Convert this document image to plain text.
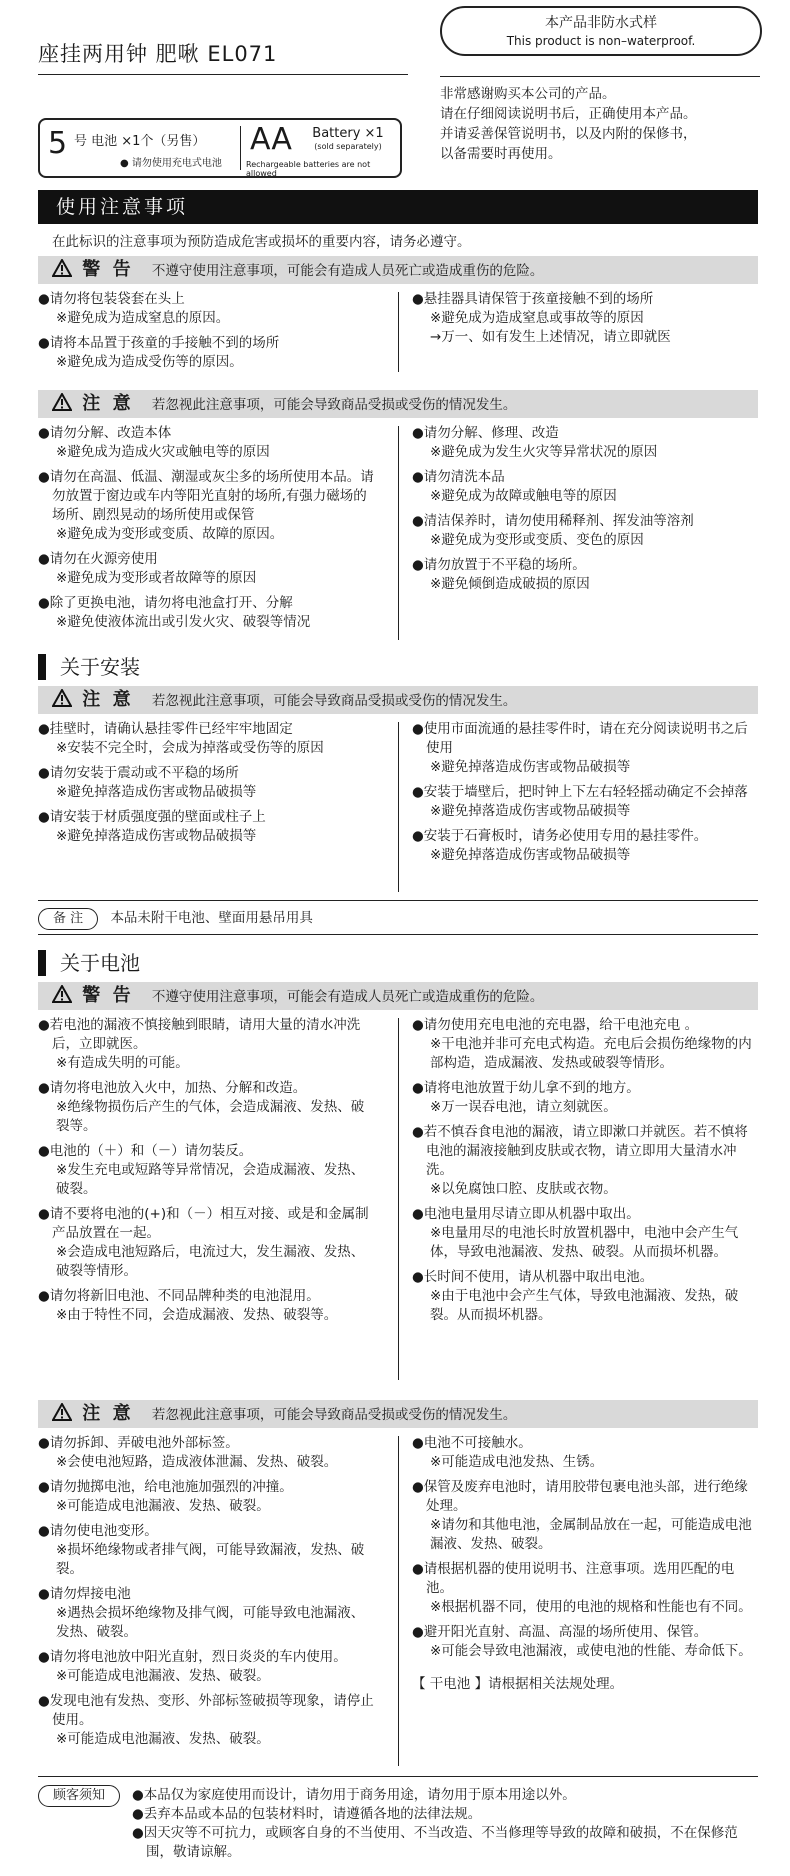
座挂两用钟 肥啾 EL071
本产品非防水式样
This product is non–waterproof.
非常感谢购买本公司的产品。
请在仔细阅读说明书后，正确使用本产品。
并请妥善保管说明书，以及内附的保修书，
以备需要时再使用。
5 号 电池 ×1个（另售）
● 请勿使用充电式电池
AA	Battery ×1
(sold separately)
Rechargeable batteries are not allowed
使用注意事项
在此标识的注意事项为预防造成危害或损坏的重要内容，请务必遵守。
警 告 不遵守使用注意事项，可能会有造成人员死亡或造成重伤的危险。
●请勿将包装袋套在头上
※避免成为造成窒息的原因。
●请将本品置于孩童的手接触不到的场所
※避免成为造成受伤等的原因。
●悬挂器具请保管于孩童接触不到的场所
※避免成为造成窒息或事故等的原因
→万一、如有发生上述情况，请立即就医
注 意 若忽视此注意事项，可能会导致商品受损或受伤的情况发生。
●请勿分解、改造本体
※避免成为造成火灾或触电等的原因
●请勿在高温、低温、潮湿或灰尘多的场所使用本品。请勿放置于窗边或车内等阳光直射的场所,有强力磁场的场所、剧烈晃动的场所使用或保管
※避免成为变形或变质、故障的原因。
●请勿在火源旁使用
※避免成为变形或者故障等的原因
●除了更换电池，请勿将电池盒打开、分解
※避免使液体流出或引发火灾、破裂等情况
●请勿分解、修理、改造
※避免成为发生火灾等异常状况的原因
●请勿清洗本品
※避免成为故障或触电等的原因
●清洁保养时，请勿使用稀释剂、挥发油等溶剂
※避免成为变形或变质、变色的原因
●请勿放置于不平稳的场所。
※避免倾倒造成破损的原因
关于安装
注 意 若忽视此注意事项，可能会导致商品受损或受伤的情况发生。
●挂壁时，请确认悬挂零件已经牢牢地固定
※安装不完全时，会成为掉落或受伤等的原因
●请勿安装于震动或不平稳的场所
※避免掉落造成伤害或物品破损等
●请安装于材质强度强的壁面或柱子上
※避免掉落造成伤害或物品破损等
●使用市面流通的悬挂零件时，请在充分阅读说明书之后使用
※避免掉落造成伤害或物品破损等
●安装于墙壁后，把时钟上下左右轻轻摇动确定不会掉落
※避免掉落造成伤害或物品破损等
●安装于石膏板时，请务必使用专用的悬挂零件。
※避免掉落造成伤害或物品破损等
备 注 本品未附干电池、壁面用悬吊用具
关于电池
警 告 不遵守使用注意事项，可能会有造成人员死亡或造成重伤的危险。
●若电池的漏液不慎接触到眼睛，请用大量的清水冲洗后，立即就医。
※有造成失明的可能。
●请勿将电池放入火中，加热、分解和改造。
※绝缘物损伤后产生的气体，会造成漏液、发热、破裂等。
●电池的（＋）和（－）请勿装反。
※发生充电或短路等异常情况，会造成漏液、发热、破裂。
●请不要将电池的(+)和（－）相互对接、或是和金属制产品放置在一起。
※会造成电池短路后，电流过大，发生漏液、发热、破裂等情形。
●请勿将新旧电池、不同品牌种类的电池混用。
※由于特性不同，会造成漏液、发热、破裂等。
●请勿使用充电电池的充电器，给干电池充电 。
※干电池并非可充电式构造。充电后会损伤绝缘物的内部构造，造成漏液、发热或破裂等情形。
●请将电池放置于幼儿拿不到的地方。
※万一误吞电池，请立刻就医。
●若不慎吞食电池的漏液，请立即漱口并就医。若不慎将电池的漏液接触到皮肤或衣物，请立即用大量清水冲洗。
※以免腐蚀口腔、皮肤或衣物。
●电池电量用尽请立即从机器中取出。
※电量用尽的电池长时放置机器中，电池中会产生气体，导致电池漏液、发热、破裂。从而损坏机器。
●长时间不使用，请从机器中取出电池。
※由于电池中会产生气体，导致电池漏液、发热，破裂。从而损坏机器。
注 意 若忽视此注意事项，可能会导致商品受损或受伤的情况发生。
●请勿拆卸、弄破电池外部标签。
※会使电池短路，造成液体泄漏、发热、破裂。
●请勿抛掷电池，给电池施加强烈的冲撞。
※可能造成电池漏液、发热、破裂。
●请勿使电池变形。
※损坏绝缘物或者排气阀，可能导致漏液，发热、破裂。
●请勿焊接电池
※遇热会损坏绝缘物及排气阀，可能导致电池漏液、发热、破裂。
●请勿将电池放中阳光直射，烈日炎炎的车内使用。
※可能造成电池漏液、发热、破裂。
●发现电池有发热、变形、外部标签破损等现象，请停止使用。
※可能造成电池漏液、发热、破裂。
●电池不可接触水。
※可能造成电池发热、生锈。
●保管及废弃电池时，请用胶带包裹电池头部，进行绝缘处理。
※请勿和其他电池，金属制品放在一起，可能造成电池漏液、发热、破裂。
●请根据机器的使用说明书、注意事项。选用匹配的电池。
※根据机器不同，使用的电池的规格和性能也有不同。
●避开阳光直射、高温、高湿的场所使用、保管。
※可能会导致电池漏液，或使电池的性能、寿命低下。
【 干电池 】请根据相关法规处理。
顾客须知	●本品仅为家庭使用而设计，请勿用于商务用途，请勿用于原本用途以外。
●丢弃本品或本品的包装材料时，请遵循各地的法律法规。
●因天灾等不可抗力，或顾客自身的不当使用、不当改造、不当修理等导致的故障和破损，不在保修范围，敬请谅解。
